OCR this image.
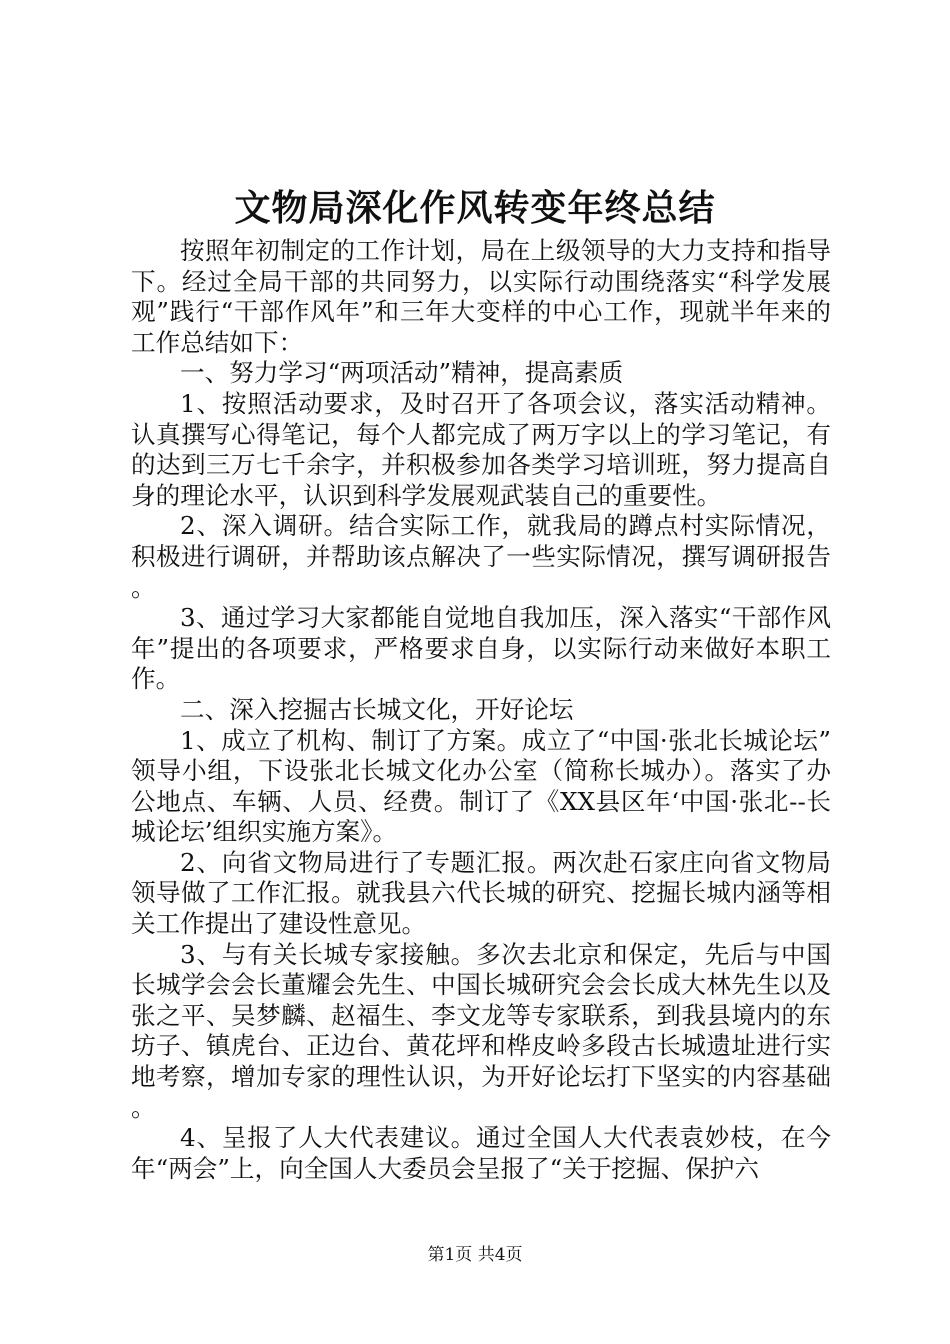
文物局深化作风转变年终总结

按照年初制定的工作计划，局在上级领导的大力支持和指导下。经过全局干部的共同努力，以实际行动围绕落实“科学发展观”践行“干部作风年”和三年大变样的中心工作，现就半年来的工作总结如下：

一、努力学习“两项活动”精神，提高素质

1、按照活动要求，及时召开了各项会议，落实活动精神。认真撰写心得笔记，每个人都完成了两万字以上的学习笔记，有的达到三万七千余字，并积极参加各类学习培训班，努力提高自身的理论水平，认识到科学发展观武装自己的重要性。

2、深入调研。结合实际工作，就我局的蹲点村实际情况，积极进行调研，并帮助该点解决了一些实际情况，撰写调研报告。

3、通过学习大家都能自觉地自我加压，深入落实“干部作风年”提出的各项要求，严格要求自身，以实际行动来做好本职工作。

二、深入挖掘古长城文化，开好论坛

1、成立了机构、制订了方案。成立了“中国·张北长城论坛”领导小组，下设张北长城文化办公室（简称长城办）。落实了办公地点、车辆、人员、经费。制订了《XX县区年‘中国·张北--长城论坛’组织实施方案》。

2、向省文物局进行了专题汇报。两次赴石家庄向省文物局领导做了工作汇报。就我县六代长城的研究、挖掘长城内涵等相关工作提出了建设性意见。

3、与有关长城专家接触。多次去北京和保定，先后与中国长城学会会长董耀会先生、中国长城研究会会长成大林先生以及张之平、吴梦麟、赵福生、李文龙等专家联系，到我县境内的东坊子、镇虎台、正边台、黄花坪和桦皮岭多段古长城遗址进行实地考察，增加专家的理性认识，为开好论坛打下坚实的内容基础。

4、呈报了人大代表建议。通过全国人大代表袁妙枝，在今年“两会”上，向全国人大委员会呈报了“关于挖掘、保护六

第1页 共4页
